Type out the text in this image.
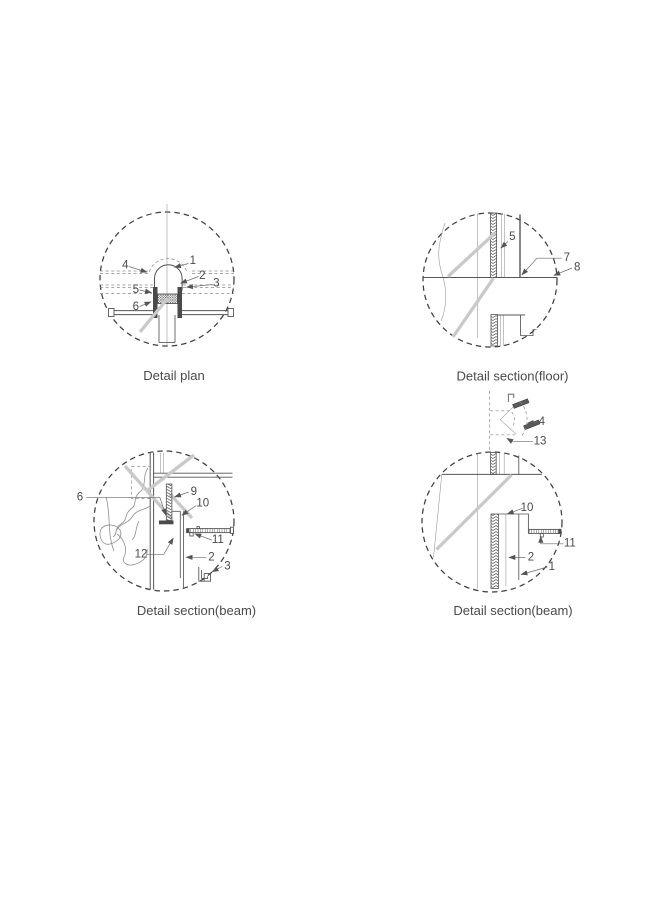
1
2
3
4
5
6
Detail plan
5
7
8
Detail section(floor)
6	9
10
11
12	2
3
Detail section(beam)
4
13
10
11
2
1
Detail section(beam)
